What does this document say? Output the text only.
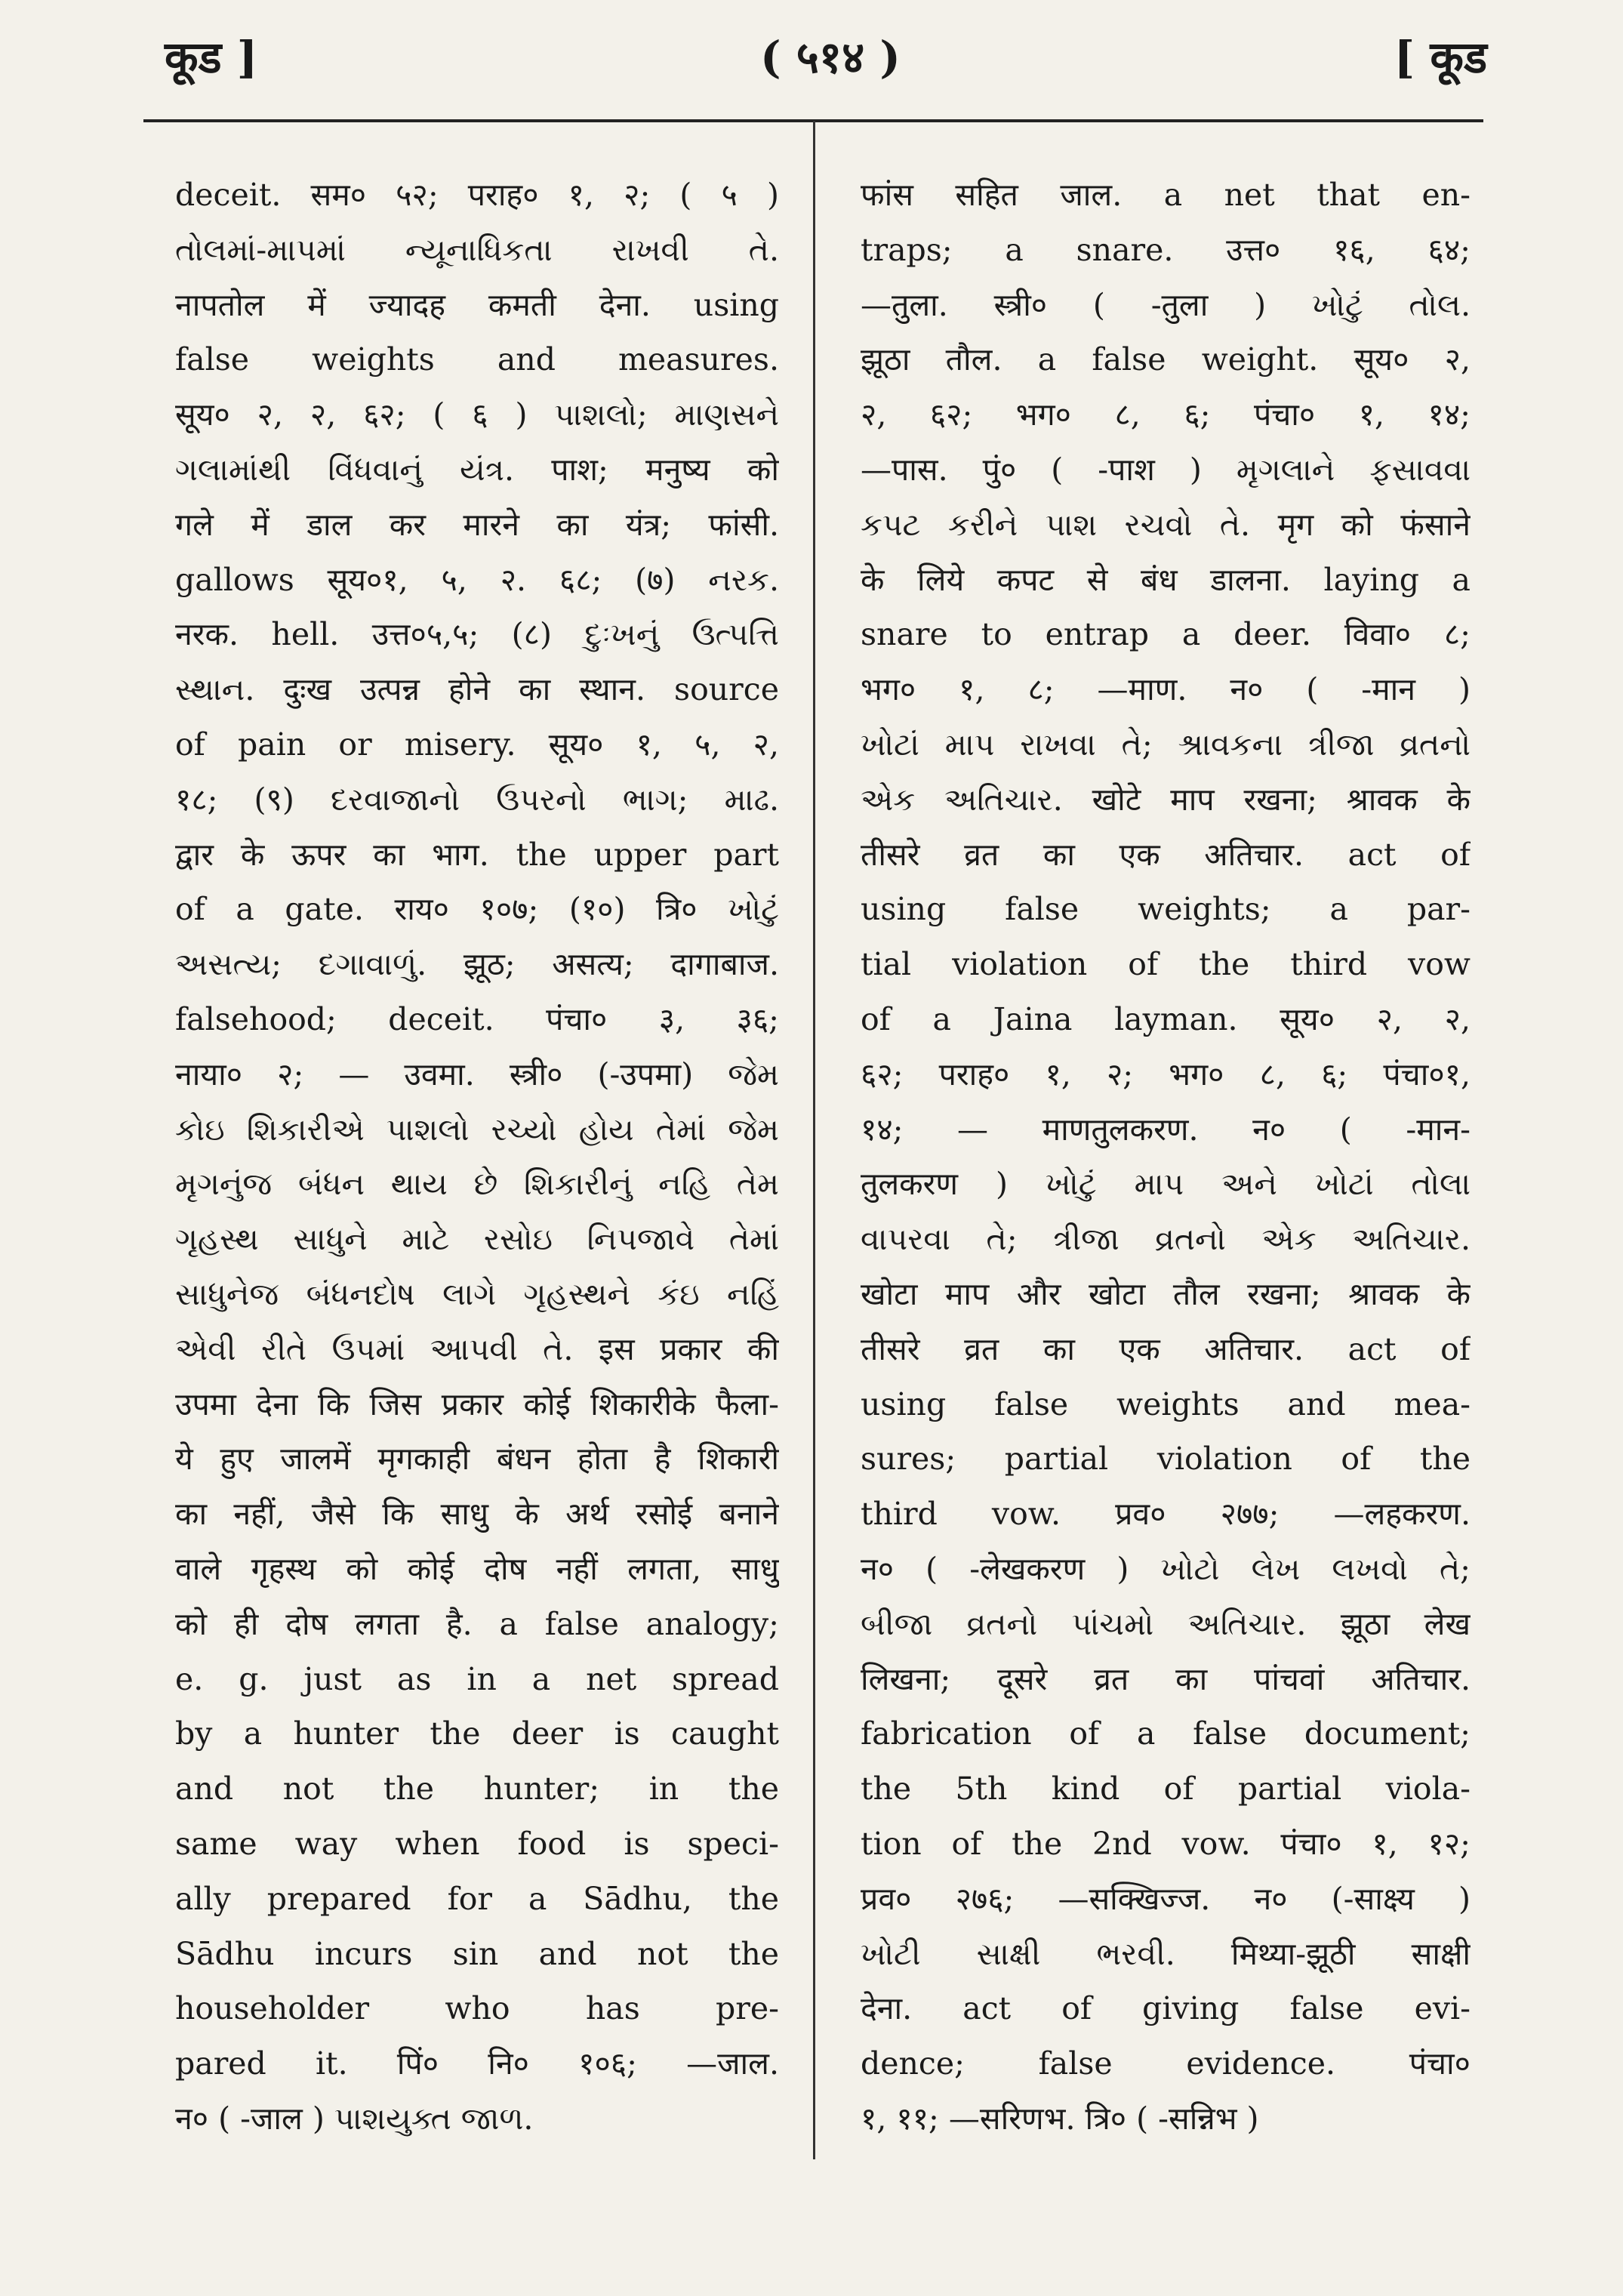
कूड ]	( ५१४ )	[ कूड
deceit. सम० ५२; पराह० १, २; ( ५ )
તોલમાં-માપમાં ન્યૂનાધિકતા રાખવી તે.
नापतोल में ज्यादह कमती देना. using
false weights and measures.
सूय० २, २, ६२; ( ६ ) પાશલો; માણસને
ગલામાંથી વિંધવાનું યંત્ર. पाश; मनुष्य को
गले में डाल कर मारने का यंत्र; फांसी.
gallows सूय०१, ५, २. ६८; (७) નરક.
नरक. hell. उत्त०५,५; (८) દુઃખનું ઉત્પત્તિ
સ્થાન. दुःख उत्पन्न होने का स्थान. source
of pain or misery. सूय० १, ५, २,
१८; (९) દરવાજાનો ઉપરનો ભાગ; માઢ.
द्वार के ऊपर का भाग. the upper part
of a gate. राय० १०७; (१०) त्रि० ખોટું
અસત્ય; દગાવાળું. झूठ; असत्य; दागाबाज.
falsehood; deceit. पंचा० ३, ३६;
नाया० २; — उवमा. स्त्री० (-उपमा) જેમ
કોઇ શિકારીએ પાશલો રચ્યો હોય તેમાં જેમ
મૃગનુંજ બંધન થાય છે શિકારીનું નહિ તેમ
ગૃહસ્થ સાધુને માટે રસોઇ નિપજાવે તેમાં
સાધુનેજ બંધનદોષ લાગે ગૃહસ્થને કંઇ નહિં
એવી રીતે ઉપમાં આપવી તે. इस प्रकार की
उपमा देना कि जिस प्रकार कोई शिकारीके फैला-
ये हुए जालमें मृगकाही बंधन होता है शिकारी
का नहीं, जैसे कि साधु के अर्थ रसोई बनाने
वाले गृहस्थ को कोई दोष नहीं लगता, साधु
को ही दोष लगता है. a false analogy;
e. g. just as in a net spread
by a hunter the deer is caught
and not the hunter; in the
same way when food is speci-
ally prepared for a Sādhu, the
Sādhu incurs sin and not the
householder who has pre-
pared it. पिं० नि० १०६; —जाल.
न० ( -जाल ) પાશયુક્ત જાળ.
फांस सहित जाल. a net that en-
traps; a snare. उत्त० १६, ६४;
—तुला. स्त्री० ( -तुला ) ખોટું તોલ.
झूठा तौल. a false weight. सूय० २,
२, ६२; भग० ८, ६; पंचा० १, १४;
—पास. पुं० ( -पाश ) મૃગલાને ફસાવવા
કપટ કરીને પાશ રચવો તે. मृग को फंसाने
के लिये कपट से बंध डालना. laying a
snare to entrap a deer. विवा० ८;
भग० १, ८; —माण. न० ( -मान )
ખોટાં માપ રાખવા તે; શ્રાવકના ત્રીજા વ્રતનો
એક અતિચાર. खोटे माप रखना; श्रावक के
तीसरे व्रत का एक अतिचार. act of
using false weights; a par-
tial violation of the third vow
of a Jaina layman. सूय० २, २,
६२; पराह० १, २; भग० ८, ६; पंचा०१,
१४; — माणतुलकरण. न० ( -मान-
तुलकरण ) ખોટું માપ અને ખોટાં તોલા
વાપરવા તે; ત્રીજા વ્રતનો એક અતિચાર.
खोटा माप और खोटा तौल रखना; श्रावक के
तीसरे व्रत का एक अतिचार. act of
using false weights and mea-
sures; partial violation of the
third vow. प्रव० २७७; —लहकरण.
न० ( -लेखकरण ) ખોટો લેખ લખવો તે;
બીજા વ્રતનો પાંચમો અતિચાર. झूठा लेख
लिखना; दूसरे व्रत का पांचवां अतिचार.
fabrication of a false document;
the 5th kind of partial viola-
tion of the 2nd vow. पंचा० १, १२;
प्रव० २७६; —सक्खिज्ज. न० (-साक्ष्य )
ખોટી સાક્ષી ભરવી. मिथ्या-झूठी साक्षी
देना. act of giving false evi-
dence; false evidence. पंचा०
१, ११; —सरिणभ. त्रि० ( -सन्निभ )
